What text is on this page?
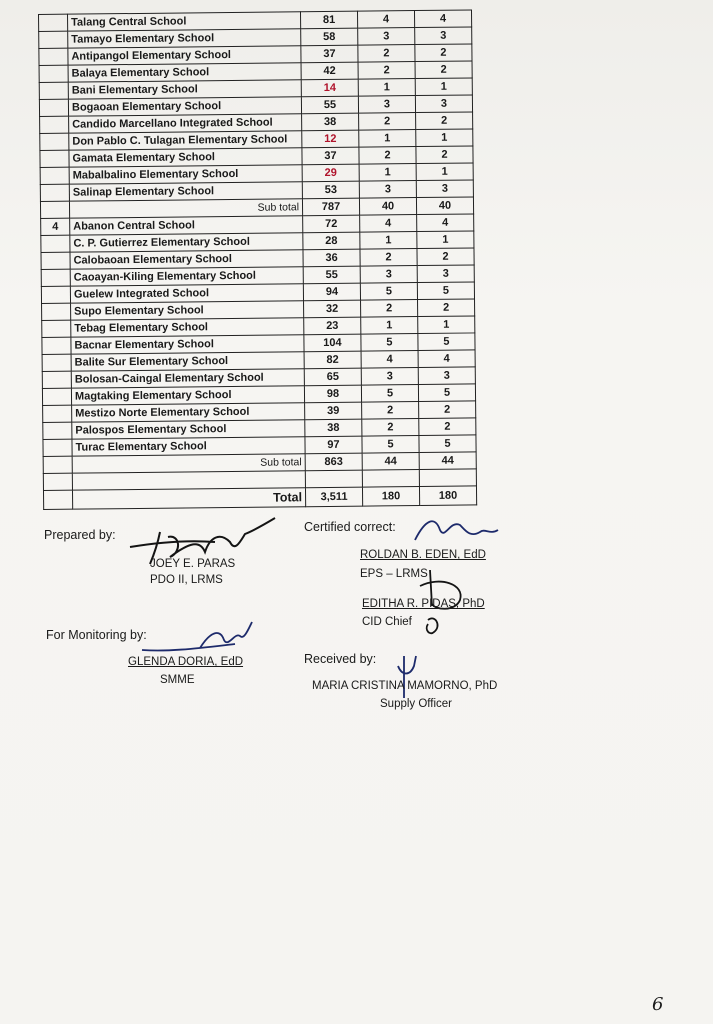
	Talang Central School	81	4	4
	Tamayo Elementary School	58	3	3
	Antipangol Elementary School	37	2	2
	Balaya Elementary School	42	2	2
	Bani Elementary School	14	1	1
	Bogaoan Elementary School	55	3	3
	Candido Marcellano Integrated School	38	2	2
	Don Pablo C. Tulagan Elementary School	12	1	1
	Gamata Elementary School	37	2	2
	Mabalbalino Elementary School	29	1	1
	Salinap Elementary School	53	3	3
	Sub total	787	40	40
4	Abanon Central School	72	4	4
	C. P. Gutierrez Elementary School	28	1	1
	Calobaoan Elementary School	36	2	2
	Caoayan-Kiling Elementary School	55	3	3
	Guelew Integrated School	94	5	5
	Supo Elementary School	32	2	2
	Tebag Elementary School	23	1	1
	Bacnar Elementary School	104	5	5
	Balite Sur Elementary School	82	4	4
	Bolosan-Caingal Elementary School	65	3	3
	Magtaking Elementary School	98	5	5
	Mestizo Norte Elementary School	39	2	2
	Palospos Elementary School	38	2	2
	Turac Elementary School	97	5	5
	Sub total	863	44	44

	Total	3,511	180	180
Prepared by:
JOEY E. PARAS
PDO II, LRMS
Certified correct:
ROLDAN B. EDEN, EdD
EPS – LRMS
EDITHA R. PIDAS, PhD
CID Chief
For Monitoring by:
GLENDA DORIA, EdD
SMME
Received by:
MARIA CRISTINA MAMORNO, PhD
Supply Officer
6
